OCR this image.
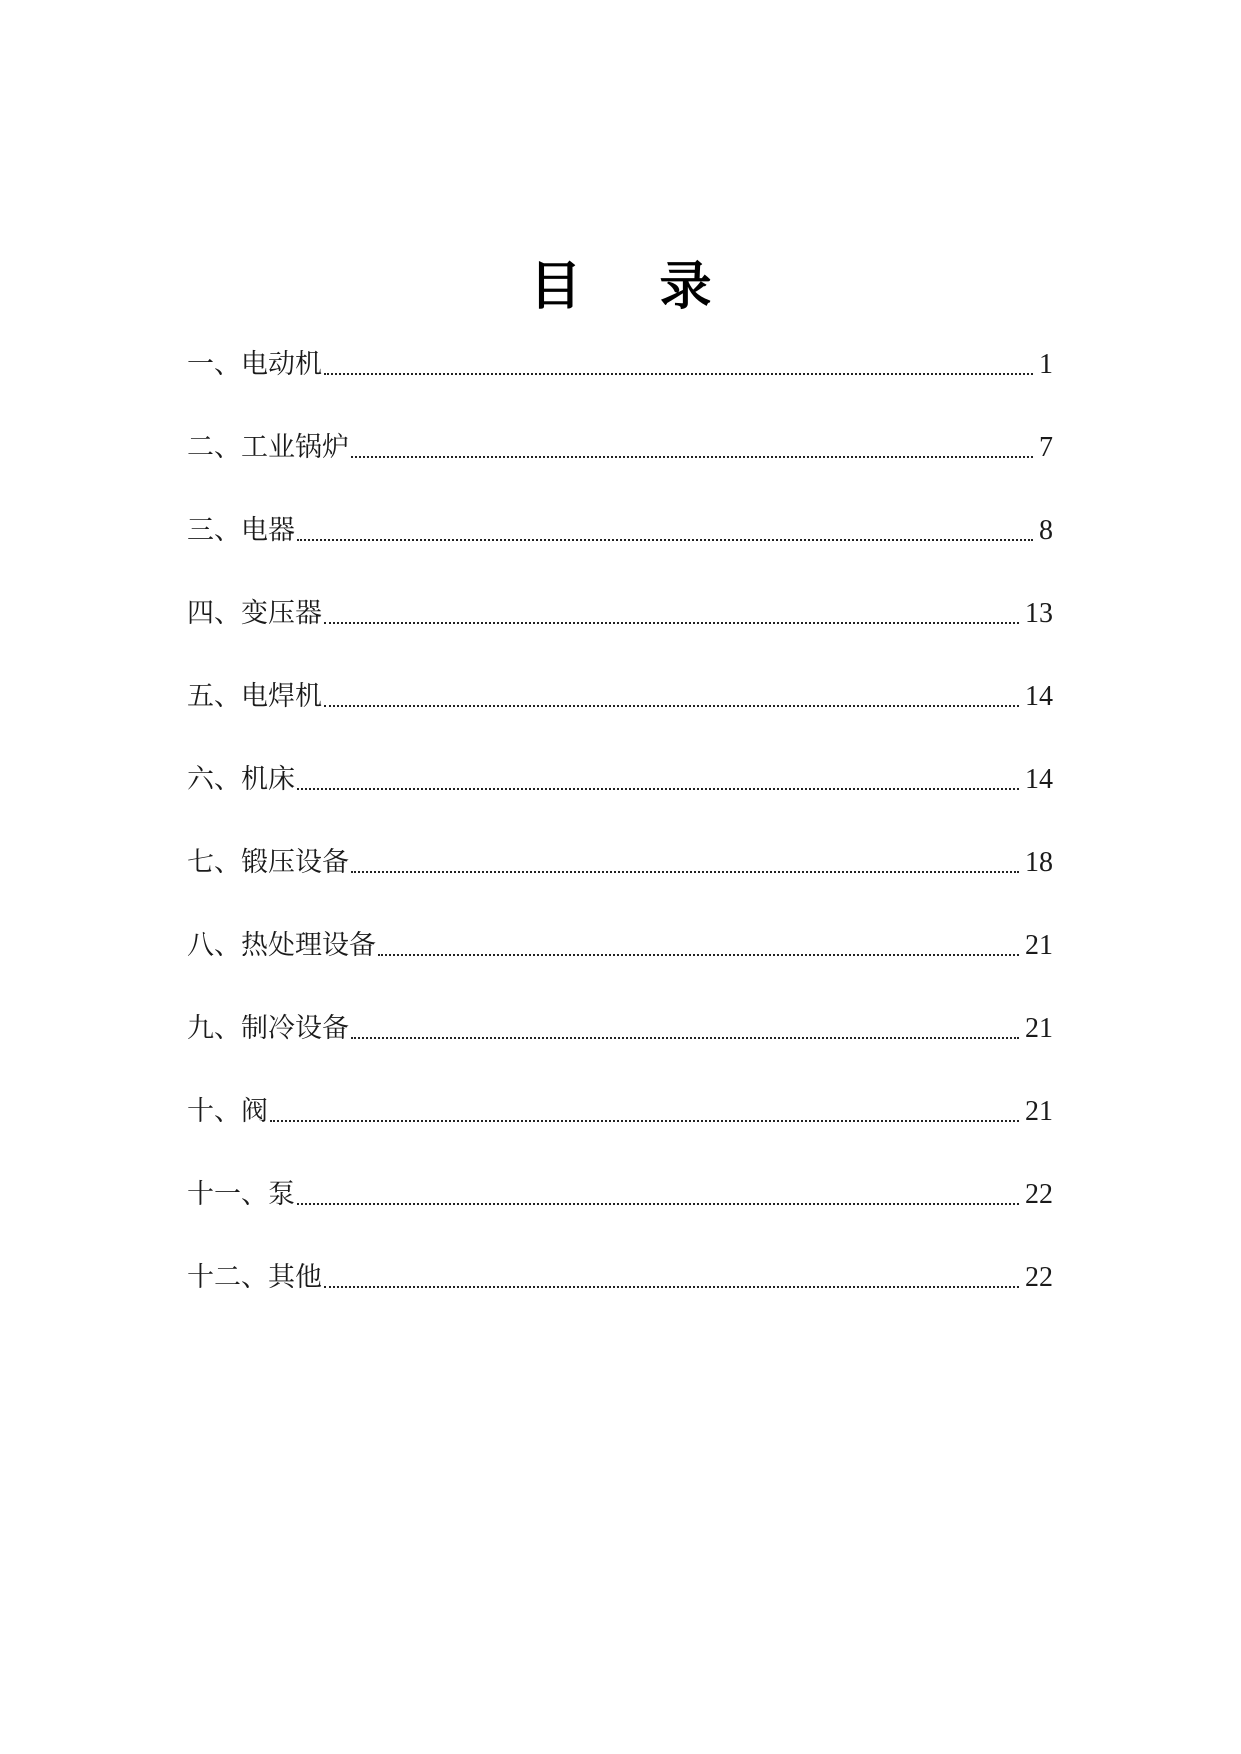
目 录
一、电动机	1
二、工业锅炉	7
三、电器	8
四、变压器	13
五、电焊机	14
六、机床	14
七、锻压设备	18
八、热处理设备	21
九、制冷设备	21
十、阀	21
十一、泵	22
十二、其他	22
